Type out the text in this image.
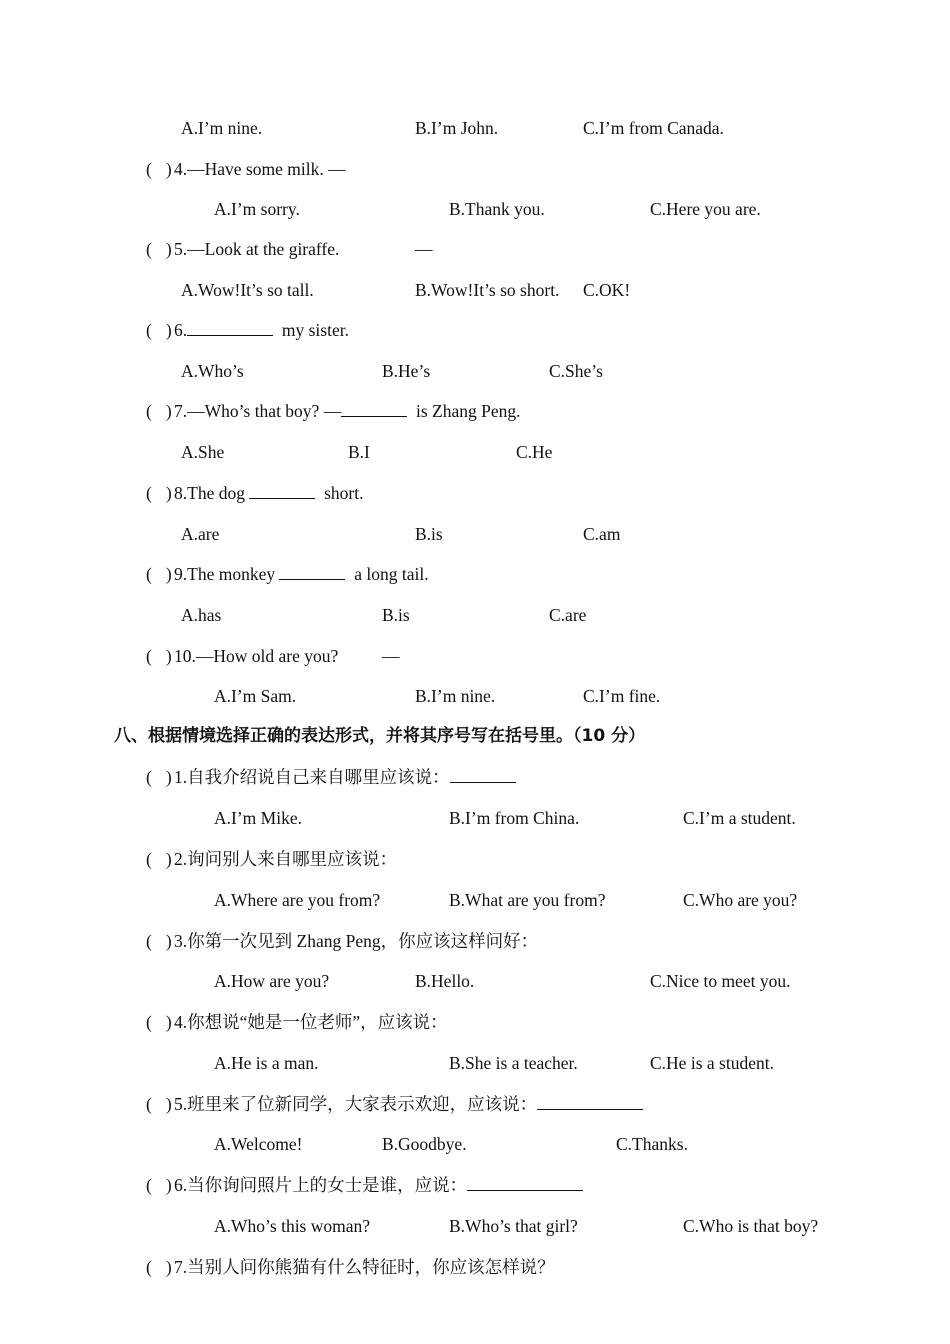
A.I’m nine.	B.I’m John.	C.I’m from Canada.
( ) 4.—Have some milk. —
A.I’m sorry.	B.Thank you.	C.Here you are.
( ) 5.—Look at the giraffe.	—
A.Wow!It’s so tall.	B.Wow!It’s so short. C.OK!
( ) 6.	my sister.
A.Who’s	B.He’s	C.She’s
( ) 7.—Who’s that boy? —	is Zhang Peng.
A.She	B.I	C.He
( ) 8.The dog	short.
A.are	B.is	C.am
( ) 9.The monkey	a long tail.
A.has	B.is	C.are
( ) 10.—How old are you? —
A.I’m Sam.	B.I’m nine.	C.I’m fine.
八、根据情境选择正确的表达形式，并将其序号写在括号里。（10 分）
( ) 1.自我介绍说自己来自哪里应该说：
A.I’m Mike.	B.I’m from China.	C.I’m a student.
( ) 2.询问别人来自哪里应该说：
A.Where are you from?	B.What are you from?	C.Who are you?
( ) 3.你第一次见到 Zhang Peng，你应该这样问好：
A.How are you?	B.Hello.	C.Nice to meet you.
( ) 4.你想说“她是一位老师”，应该说：
A.He is a man.	B.She is a teacher.	C.He is a student.
( ) 5.班里来了位新同学，大家表示欢迎，应该说：
A.Welcome!	B.Goodbye.	C.Thanks.
( ) 6.当你询问照片上的女士是谁，应说：
A.Who’s this woman?	B.Who’s that girl?	C.Who is that boy?
( ) 7.当别人问你熊猫有什么特征时，你应该怎样说？
